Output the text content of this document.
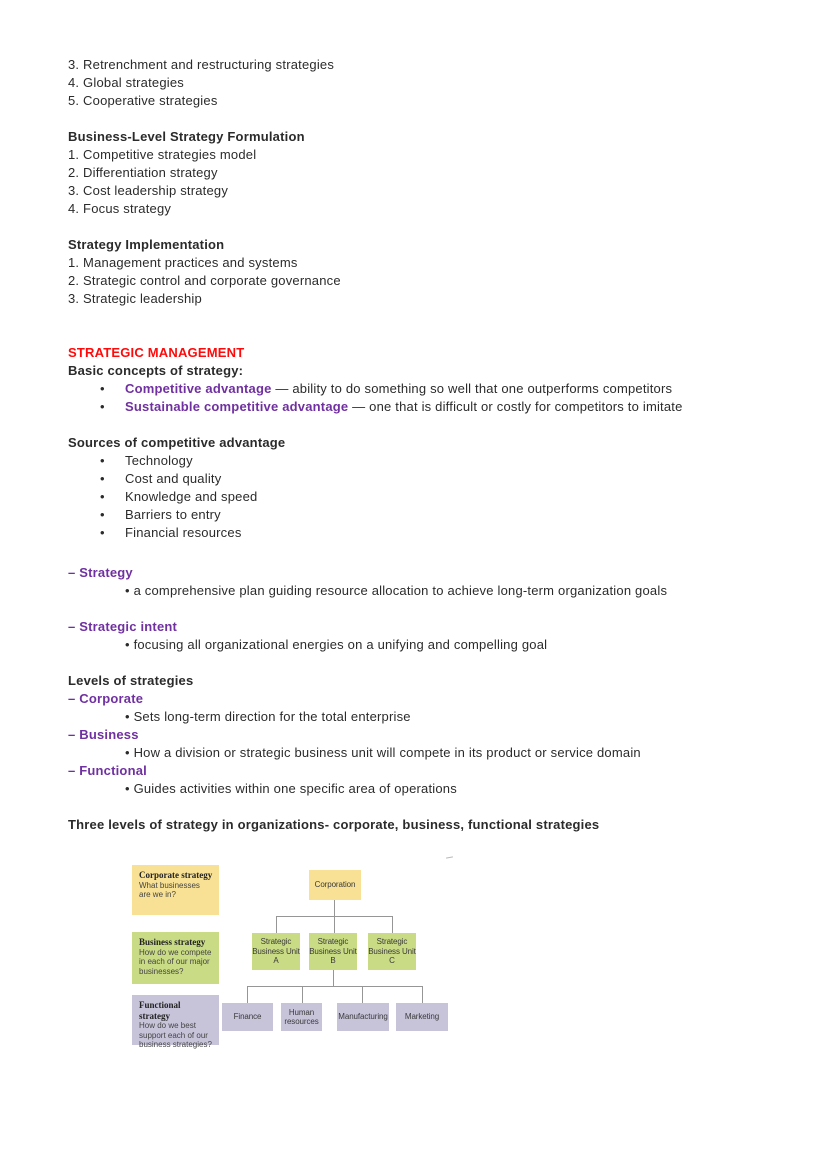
3. Retrenchment and restructuring strategies
4. Global strategies
5. Cooperative strategies
Business-Level Strategy Formulation
1. Competitive strategies model
2. Differentiation strategy
3. Cost leadership strategy
4. Focus strategy
Strategy Implementation
1. Management practices and systems
2. Strategic control and corporate governance
3. Strategic leadership
STRATEGIC MANAGEMENT
Basic concepts of strategy:
• Competitive advantage — ability to do something so well that one outperforms competitors
• Sustainable competitive advantage — one that is difficult or costly for competitors to imitate
Sources of competitive advantage
• Technology
• Cost and quality
• Knowledge and speed
• Barriers to entry
• Financial resources
– Strategy
• a comprehensive plan guiding resource allocation to achieve long-term organization goals
– Strategic intent
• focusing all organizational energies on a unifying and compelling goal
Levels of strategies
– Corporate
• Sets long-term direction for the total enterprise
– Business
• How a division or strategic business unit will compete in its product or service domain
– Functional
• Guides activities within one specific area of operations
Three levels of strategy in organizations- corporate, business, functional strategies
Corporate strategy
What businesses are we in?
Business strategy
How do we compete in each of our major businesses?
Functional strategy
How do we best support each of our business strategies?
Corporation
Strategic Business Unit A
Strategic Business Unit B
Strategic Business Unit C
Finance
Human resources
Manufacturing	Marketing
